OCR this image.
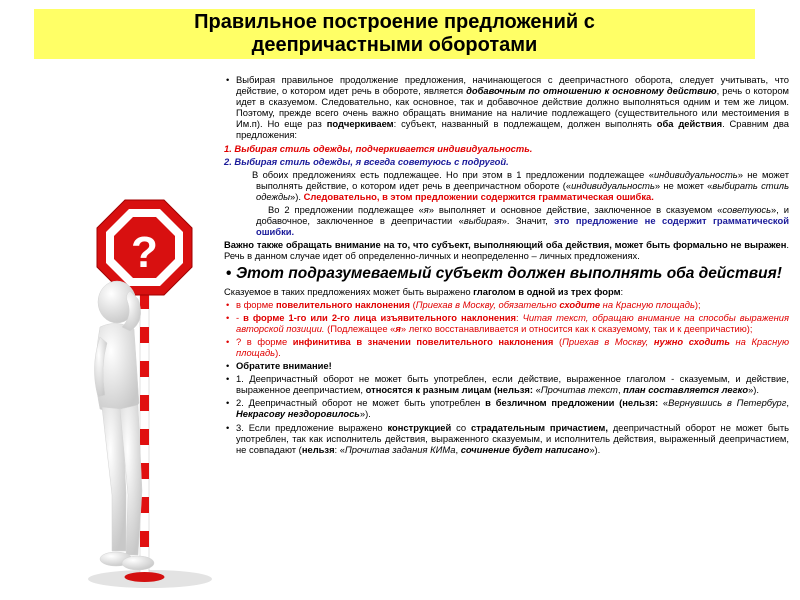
Правильное построение предложений с деепричастными оборотами
?

• Выбирая правильное продолжение предложения, начинающегося с деепричастного оборота, следует учитывать, что действие, о котором идет речь в обороте, является добавочным по отношению к основному действию, речь о котором идет в сказуемом. Следовательно, как основное, так и добавочное действие должно выполняться одним и тем же лицом. Поэтому, прежде всего очень важно обращать внимание на наличие подлежащего (существительного или местоимения в Им.п). Но еще раз подчеркиваем: субъект, названный в подлежащем, должен выполнять оба действия. Сравним два предложения:

1. Выбирая стиль одежды, подчеркивается индивидуальность.

2. Выбирая стиль одежды, я всегда советуюсь с подругой.

В обоих предложениях есть подлежащее. Но при этом в 1 предложении подлежащее «индивидуальность» не может выполнять действие, о котором идет речь в деепричастном обороте («индивидуальность» не может «выбирать стиль одежды»). Следовательно, в этом предложении содержится грамматическая ошибка.

Во 2 предложении подлежащее «я» выполняет и основное действие, заключенное в сказуемом «советуюсь», и добавочное, заключенное в деепричастии «выбирая». Значит, это предложение не содержит грамматической ошибки.

Важно также обращать внимание на то, что субъект, выполняющий оба действия, может быть формально не выражен. Речь в данном случае идет об определенно-личных и неопределенно – личных предложениях.

• Этот подразумеваемый субъект должен выполнять оба действия!

Сказуемое в таких предложениях может быть выражено глаголом в одной из трех форм:

• в форме повелительного наклонения (Приехав в Москву, обязательно сходите на Красную площадь);

• - в форме 1-го или 2-го лица изъявительного наклонения: Читая текст, обращаю внимание на способы выражения авторской позиции. (Подлежащее «я» легко восстанавливается и относится как к сказуемому, так и к деепричастию);

• ? в форме инфинитива в значении повелительного наклонения (Приехав в Москву, нужно сходить на Красную площадь).

• Обратите внимание!

• 1. Деепричастный оборот не может быть употреблен, если действие, выраженное глаголом - сказуемым, и действие, выраженное деепричастием, относятся к разным лицам (нельзя: «Прочитав текст, план составляется легко»).

• 2. Деепричастный оборот не может быть употреблен в безличном предложении (нельзя: «Вернувшись в Петербург, Некрасову нездоровилось»).

• 3. Если предложение выражено конструкцией со страдательным причастием, деепричастный оборот не может быть употреблен, так как исполнитель действия, выраженного сказуемым, и исполнитель действия, выраженный деепричастием, не совпадают (нельзя: «Прочитав задания КИМа, сочинение будет написано»).
